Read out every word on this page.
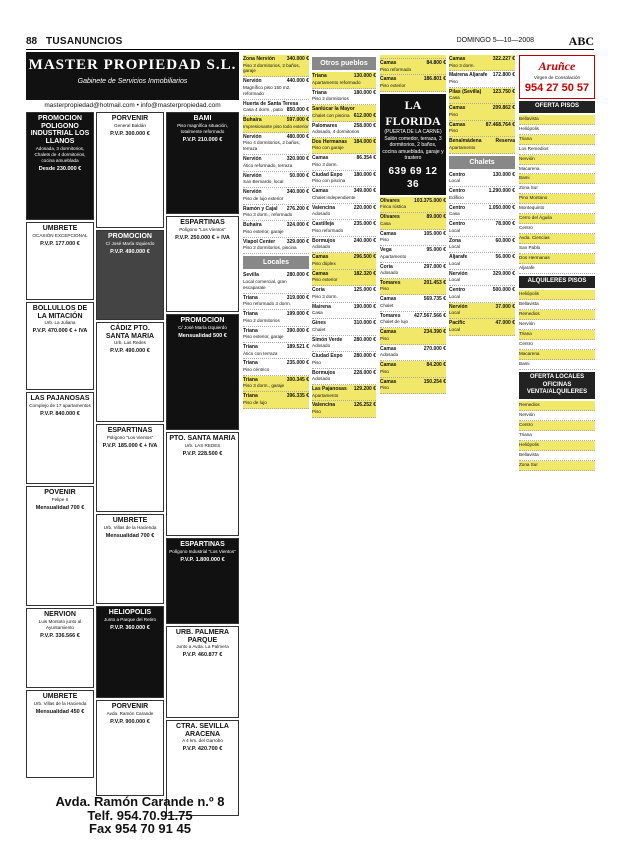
88 TUSANUNCIOS	DOMINGO 5—10—2008	ABC
MASTER PROPIEDAD S.L.
Gabinete de Servicios Inmobiliarios
masterpropiedad@hotmail.com • info@masterpropiedad.com
PROMOCION POLIGONO INDUSTRIAL LOS LLANOS
Adosada, 3 dormitorios, Chalets de 4 dormitorios, cocina amueblada
Desde 230.000 €
UMBRETE
OCASIÓN EXCEPCIONAL
P.V.P. 177.000 €
BOLLULLOS DE LA MITACIÓN
Urb. La Juliana
P.V.P. 470.000 € + IVA
LAS PAJANOSAS
Complejo de 17 apartamentos
P.V.P. 840.000 €
POVENIR
Felipe II
Mensualidad 700 €
NERVION
Luis Montoto junto al Ayuntamiento
P.V.P. 336.566 €
UMBRETE
Urb. Villas de la Hacienda
Mensualidad 450 €
PORVENIR
General Baldán
P.V.P. 300.000 €
PROMOCION
C/ José María Izquierdo
P.V.P. 490.000 €
CÁDIZ PTO. SANTA MARIA
Urb. Las Redes
P.V.P. 490.000 €
ESPARTINAS
Polígono "Los Vientos"
P.V.P. 185.000 € + IVA
UMBRETE
Urb. Villas de la Hacienda
Mensualidad 700 €
HELIOPOLIS
Junto a Parque del Retiro
P.V.P. 360.000 €
PORVENIR
Avda. Ramón Carande
P.V.P. 900.000 €
BAMI
Piso magnífica situación, totalmente reformado
P.V.P. 210.000 €
ESPARTINAS
Polígono "Los Vientos"
P.V.P. 250.000 € + IVA
PROMOCION
C/ José María Izquierdo
Mensualidad 500 €
PTO. SANTA MARIA
Urb. LAS REDES
P.V.P. 228.500 €
ESPARTINAS
Polígono Industrial "Los Vientos"
P.V.P. 1.800.000 €
URB. PALMERA PARQUE
Junto a Avda. La Palmera
P.V.P. 460.877 €
CTRA. SEVILLA ARACENA
A 4 km. del Garrobo
P.V.P. 420.700 €
Avda. Ramón Carande n.º 8
Telf. 954.70.91.75
Fax 954 70 91 45
Zona Nervión 340.000 €
Piso 3 dormitorios, 2 baños, garaje
Nervión	440.000 €
Magnífico piso 150 m2, reformado
Huerta de Santa Teresa
850.000 €
Casa 4 dorm., patio
Buhaira	597.000 €
Impresionante piso todo exterior
Nervión	480.000 €
Piso 4 dormitorios, 2 baños, terraza
Nervión	320.000 €
Ático reformado, terraza
Nervión	50.000 €
San Bernardo, local
Nervión	340.000 €
Piso de lujo exterior
Ramón y Cajal 276.200 €
Piso 3 dorm., reformado
Buhaira	324.000 €
Piso exterior, garaje
Viapol Center 329.000 €
Piso 2 dormitorios, piscina
Locales
Sevilla	280.000 €
Local comercial, gran escaparate
Triana	319.000 €
Piso reformado 3 dorm.
Triana	199.000 €
Piso 2 dormitorios
Triana	390.000 €
Piso exterior, garaje
Triana	189.521 €
Ático con terraza
Triana	235.000 €
Piso céntrico
Triana	300.345 €
Piso 3 dorm., garaje
Triana	396.335 €
Piso de lujo
Otros pueblos
Triana	130.000 €
Apartamento reformado
Triana	180.000 €
Piso 2 dormitorios
Sanlúcar la Mayor
612.000 €
Chalet con piscina
Palomares	258.000 €
Adosado, 4 dormitorios
Dos Hermanas 184.000 €
Piso con garaje
Camas	86.354 €
Piso 3 dorm.
Ciudad Expo 180.000 €
Piso con piscina
Camas	349.000 €
Chalet independiente
Valencina	220.000 €
Adosado
Castilleja	235.000 €
Piso reformado
Bormujos	240.000 €
Adosado
Camas	296.500 €
Piso dúplex
Camas	182.320 €
Piso exterior
Coria	125.000 €
Piso 3 dorm.
Mairena	190.000 €
Casa
Gines	310.000 €
Chalet
Simón Verde 280.000 €
Adosado
Ciudad Expo 280.000 €
Piso
Bormujos	228.000 €
Adosado
Las Pajanosas 129.200 €
Apartamento
Valencina	126.252 €
Piso
Camas	84.800 €
Piso reformado
Camas	186.801 €
Piso exterior
LA FLORIDA
(PUERTA DE LA CARNE)
Salón comedor, terraza, 3 dormitorios, 2 baños, cocina amueblada, garaje y trastero
639 69 12 36
Olivares	103.375.000 €
Finca rústica
Olivares	89.000 €
Casa
Camas	105.000 €
Piso
Vega	95.000 €
Apartamento
Coria	297.000 €
Adosado
Tomares	201.453 €
Piso
Camas	569.735 €
Chalet
Tomares	427.567.566 €
Chalet de lujo
Camas	234.390 €
Piso
Camas	270.000 €
Adosado
Camas	84.200 €
Piso
Camas	150.254 €
Piso
Camas	322.227 €
Piso 3 dorm.
Mairena Aljarafe 172.800 €
Piso
Pilas (Sevilla) 123.750 €
Casa
Camas	209.862 €
Piso
Camas	87.468.764 €
Piso
Benalmádena	Reserva
Apartamento
Chalets
Centro	130.000 €
Local
Centro	1.290.000 €
Edificio
Centro	1.050.000 €
Casa
Centro	78.000 €
Local
Zona	60.000 €
Local
Aljarafe	56.000 €
Local
Nervión	329.000 €
Local
Centro	500.000 €
Local
Nervión	37.000 €
Local
Pacific	47.000 €
Local
Aruñce
Virgen de Consolación
954 27 50 57
OFERTA PISOS
Bellavista
Heliópolis
Triana
Los Remedios
Nervión
Macarena
Bami
Zona Sur
Pino Montano
Montequinto
Cerro del Águila
Centro
Avda. Ciencias
San Pablo
Dos Hermanas
Aljarafe
ALQUILERES PISOS
Heliópolis
Bellavista
Remedios
Nervión
Triana
Centro
Macarena
Bami
OFERTA LOCALES OFICINAS VENTA/ALQUILERES
Remedios
Nervión
Centro
Triana
Heliópolis
Bellavista
Zona Sur
